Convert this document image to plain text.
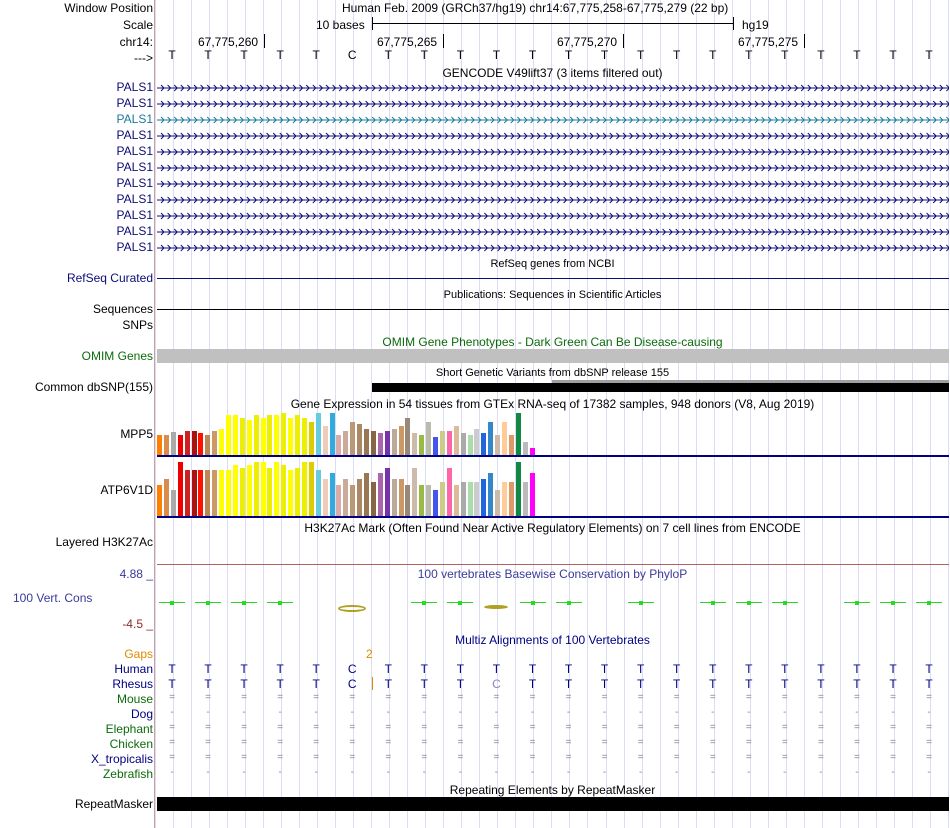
Window Position	Human Feb. 2009 (GRCh37/hg19) chr14:67,775,258-67,775,279 (22 bp)
Scale	10 bases	hg19
chr14:	67,775,260	67,775,265	67,775,270	67,775,275
--->	T	T	T	T	T	C	T	T	T	T	T	T	T	T	T	T	T	T	T	T	T	T
GENCODE V49lift37 (3 items filtered out)
PALS1
PALS1
PALS1
PALS1
PALS1
PALS1
PALS1
PALS1
PALS1
PALS1
PALS1
RefSeq genes from NCBI
RefSeq Curated
Publications: Sequences in Scientific Articles
Sequences
SNPs
OMIM Gene Phenotypes - Dark Green Can Be Disease-causing
OMIM Genes
Short Genetic Variants from dbSNP release 155
Common dbSNP(155)
Gene Expression in 54 tissues from GTEx RNA-seq of 17382 samples, 948 donors (V8, Aug 2019)
MPP5
ATP6V1D
H3K27Ac Mark (Often Found Near Active Regulatory Elements) on 7 cell lines from ENCODE
Layered H3K27Ac
100 vertebrates Basewise Conservation by PhyloP
4.88 _
100 Vert. Cons
-4.5 _
Multiz Alignments of 100 Vertebrates
Gaps	2
Human	T	T	T	T	T	C	T	T	T	T	T	T	T	T	T	T	T	T	T	T	T	T
Rhesus	T	T	T	T	T	C	T	T	T	C	T	T	T	T	T	T	T	T	T	T	T	T
Mouse	=	=	=	=	=	=	=	=	=	=	=	=	=	=	=	=	=	=	=	=	=	=
Dog	-	-	-	-	-	-	-	-	-	-	-	-	-	-	-	-	-	-	-	-	-	-
Elephant	=	=	=	=	=	=	=	=	=	=	=	=	=	=	=	=	=	=	=	=	=	=
Chicken	=	=	=	=	=	=	=	=	=	=	=	=	=	=	=	=	=	=	=	=	=	=
X_tropicalis	=	=	=	=	=	=	=	=	=	=	=	=	=	=	=	=	=	=	=	=	=	=
Zebrafish	-	-	-	-	-	-	-	-	-	-	-	-	-	-	-	-	-	-	-	-	-	-
Repeating Elements by RepeatMasker
RepeatMasker
